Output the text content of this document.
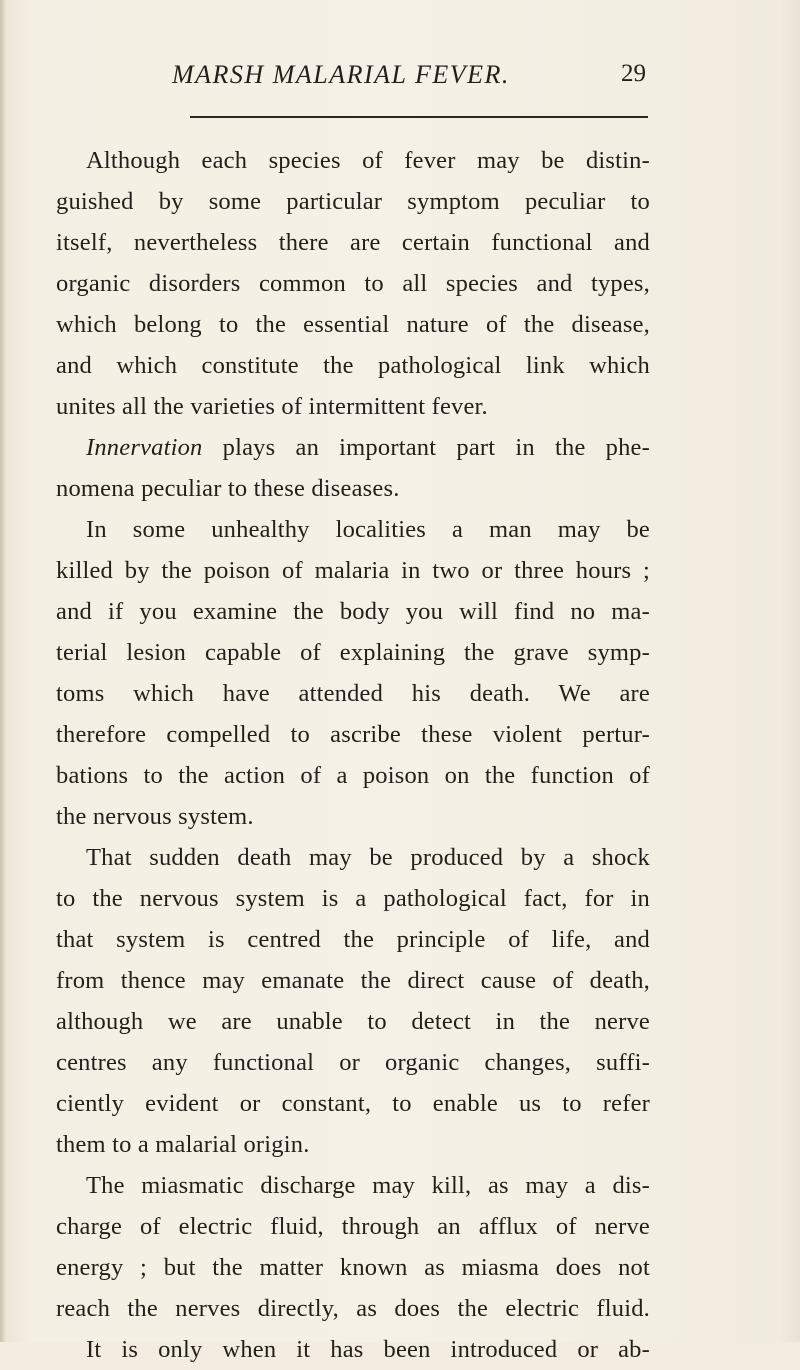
MARSH MALARIAL FEVER.	29
Although each species of fever may be distin-
guished by some particular symptom peculiar to
itself, nevertheless there are certain functional and
organic disorders common to all species and types,
which belong to the essential nature of the disease,
and which constitute the pathological link which
unites all the varieties of intermittent fever.
Innervation plays an important part in the phe-
nomena peculiar to these diseases.
In some unhealthy localities a man may be
killed by the poison of malaria in two or three hours ;
and if you examine the body you will find no ma-
terial lesion capable of explaining the grave symp-
toms which have attended his death. We are
therefore compelled to ascribe these violent pertur-
bations to the action of a poison on the function of
the nervous system.
That sudden death may be produced by a shock
to the nervous system is a pathological fact, for in
that system is centred the principle of life, and
from thence may emanate the direct cause of death,
although we are unable to detect in the nerve
centres any functional or organic changes, suffi-
ciently evident or constant, to enable us to refer
them to a malarial origin.
The miasmatic discharge may kill, as may a dis-
charge of electric fluid, through an afflux of nerve
energy ; but the matter known as miasma does not
reach the nerves directly, as does the electric fluid.
It is only when it has been introduced or ab-
